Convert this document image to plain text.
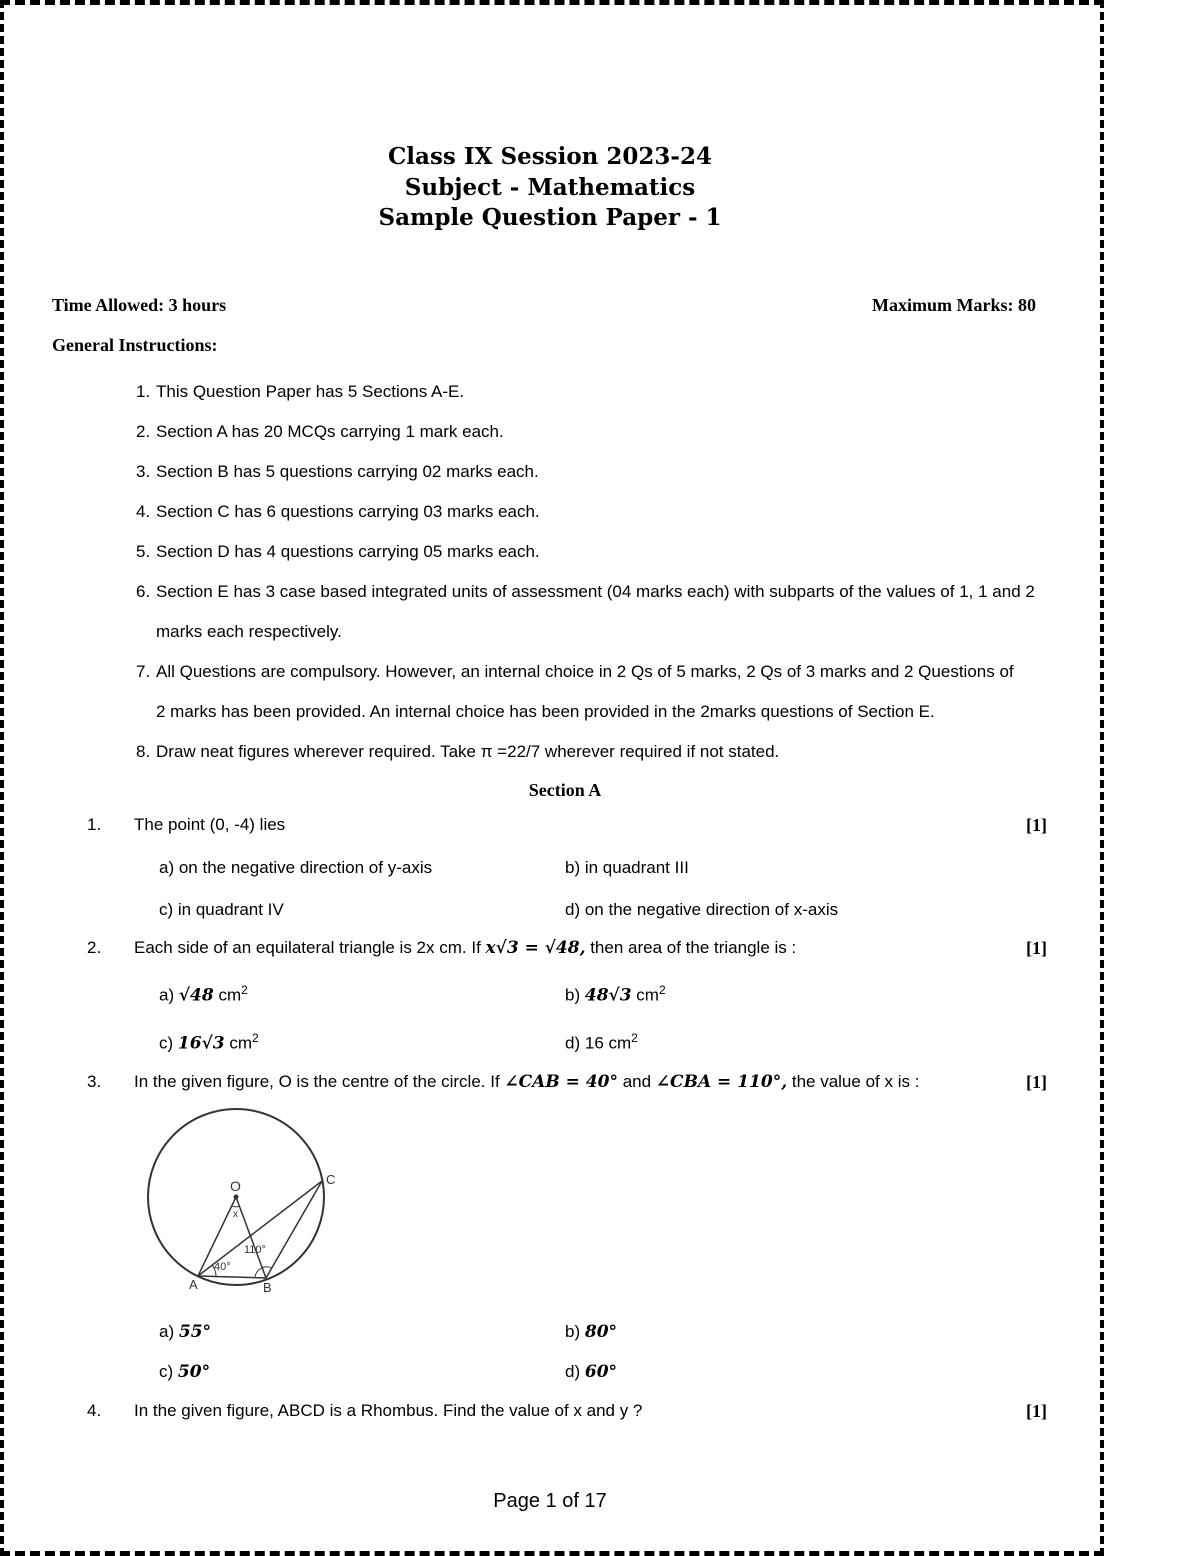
Class IX Session 2023-24
Subject - Mathematics
Sample Question Paper - 1
Time Allowed: 3 hours	Maximum Marks: 80
General Instructions:
1. This Question Paper has 5 Sections A-E.
2. Section A has 20 MCQs carrying 1 mark each.
3. Section B has 5 questions carrying 02 marks each.
4. Section C has 6 questions carrying 03 marks each.
5. Section D has 4 questions carrying 05 marks each.
6. Section E has 3 case based integrated units of assessment (04 marks each) with subparts of the values of 1, 1 and 2
marks each respectively.
7. All Questions are compulsory. However, an internal choice in 2 Qs of 5 marks, 2 Qs of 3 marks and 2 Questions of
2 marks has been provided. An internal choice has been provided in the 2marks questions of Section E.
8. Draw neat figures wherever required. Take π =22/7 wherever required if not stated.
Section A
1. The point (0, -4) lies	[1]
a) on the negative direction of y-axis	b) in quadrant III
c) in quadrant IV	d) on the negative direction of x-axis
2. Each side of an equilateral triangle is 2x cm. If x√3 = √48, then area of the triangle is :	[1]
a) √48 $cm^2$	b) 48√3 $cm^2$
c) 16√3 $cm^2$	d) 16 $cm^2$
3. In the given figure, O is the centre of the circle. If ∠CAB = 40° and ∠CBA = 110°, the value of x is :	[1]
O
x
A	B
C
40°
110°
a) 55°	b) 80°
c) 50°	d) 60°
4. In the given figure, ABCD is a Rhombus. Find the value of x and y ?	[1]
Page 1 of 17
